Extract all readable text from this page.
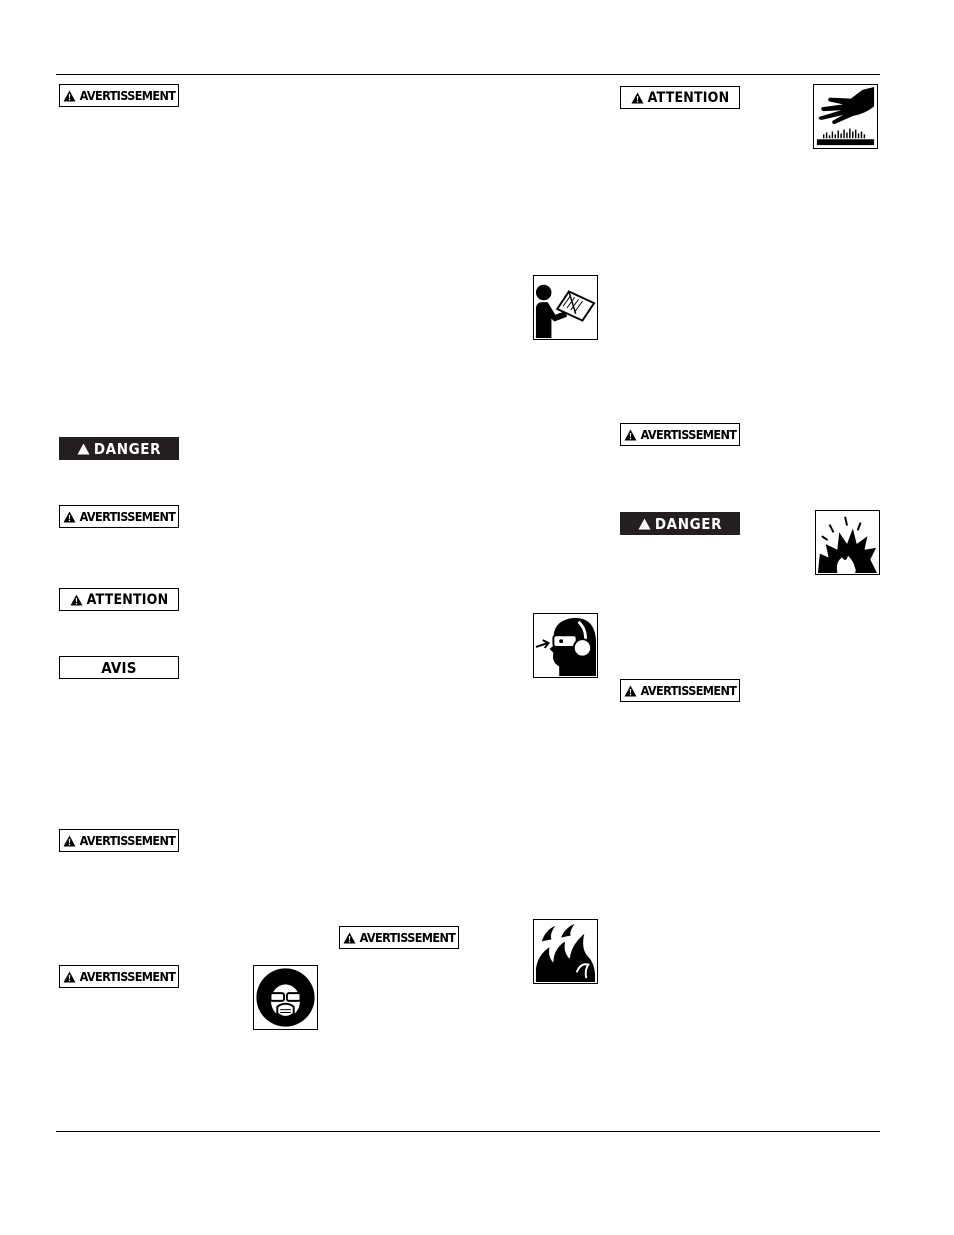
AVERTISSEMENT
DANGER
AVERTISSEMENT
ATTENTION
AVIS
AVERTISSEMENT
AVERTISSEMENT
AVERTISSEMENT
ATTENTION
AVERTISSEMENT
DANGER
AVERTISSEMENT
